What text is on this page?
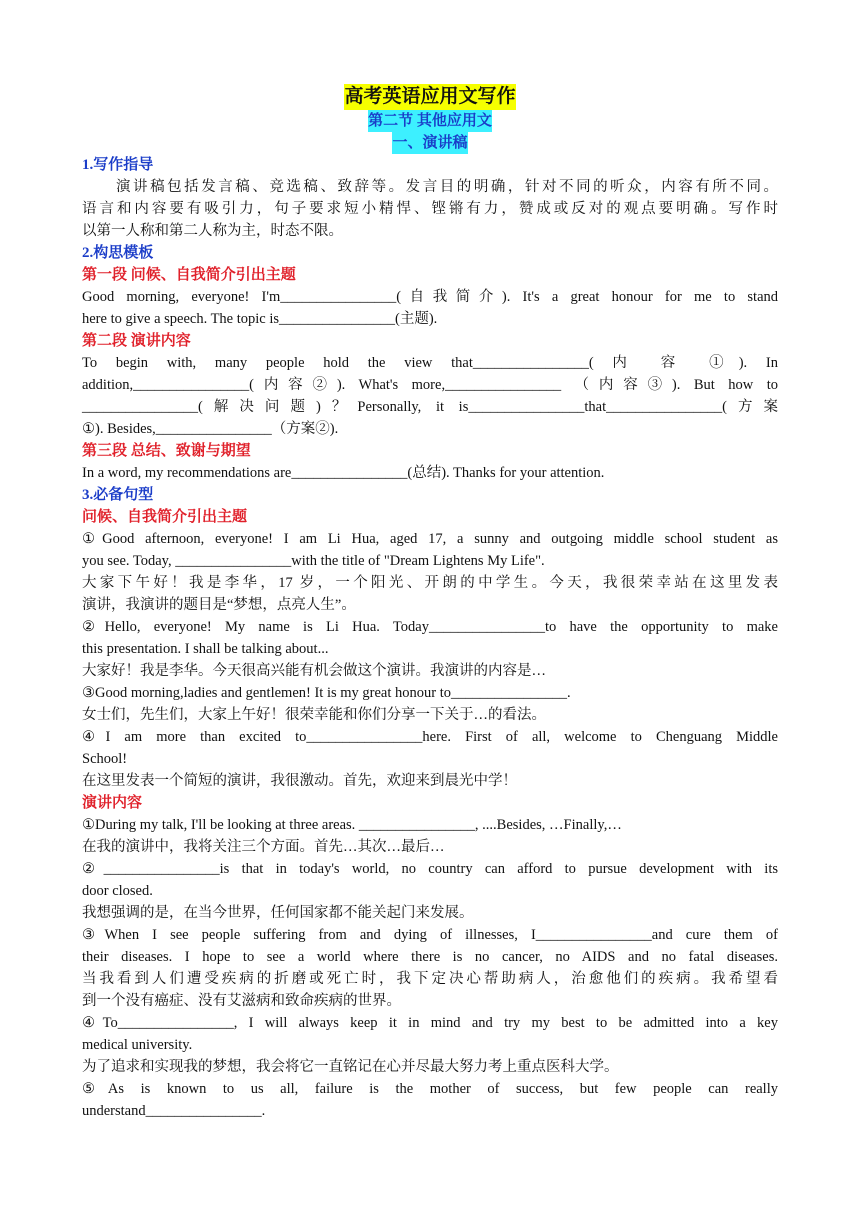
高考英语应用文写作
第二节 其他应用文
一、演讲稿

1.写作指导

演讲稿包括发言稿、竞选稿、致辞等。发言目的明确，针对不同的听众，内容有所不同。

语言和内容要有吸引力，句子要求短小精悍、铿锵有力，赞成或反对的观点要明确。写作时

以第一人称和第二人称为主，时态不限。

2.构思模板

第一段 问候、自我简介引出主题

Good morning, everyone! I'm________________(自我简介). It's a great honour for me to stand

here to give a speech. The topic is________________(主题).

第二段 演讲内容

To begin with, many people hold the view that________________( 内 容 ①). In

addition,________________(内容②). What's more,________________ （内容③). But how to

________________(解决问题)？Personally, it is________________that________________(方案

①). Besides,________________（方案②).

第三段 总结、致谢与期望

In a word, my recommendations are________________(总结). Thanks for your attention.

3.必备句型

问候、自我简介引出主题

①Good afternoon, everyone! I am Li Hua, aged 17, a sunny and outgoing middle school student as

you see. Today, ________________with the title of "Dream Lightens My Life".

大家下午好！我是李华，17 岁，一个阳光、开朗的中学生。今天，我很荣幸站在这里发表

演讲，我演讲的题目是“梦想，点亮人生”。

②Hello, everyone! My name is Li Hua. Today________________to have the opportunity to make

this presentation. I shall be talking about...

大家好！我是李华。今天很高兴能有机会做这个演讲。我演讲的内容是…

③Good morning,ladies and gentlemen! It is my great honour to________________.

女士们，先生们，大家上午好！很荣幸能和你们分享一下关于…的看法。

④I am more than excited to________________here. First of all, welcome to Chenguang Middle

School!

在这里发表一个简短的演讲，我很激动。首先，欢迎来到晨光中学！

演讲内容

①During my talk, I'll be looking at three areas. ________________, ....Besides, …Finally,…

在我的演讲中，我将关注三个方面。首先…其次…最后…

②________________is that in today's world, no country can afford to pursue development with its

door closed.

我想强调的是，在当今世界，任何国家都不能关起门来发展。

③When I see people suffering from and dying of illnesses, I________________and cure them of

their diseases. I hope to see a world where there is no cancer, no AIDS and no fatal diseases.

当我看到人们遭受疾病的折磨或死亡时，我下定决心帮助病人，治愈他们的疾病。我希望看

到一个没有癌症、没有艾滋病和致命疾病的世界。

④To________________, I will always keep it in mind and try my best to be admitted into a key

medical university.

为了追求和实现我的梦想，我会将它一直铭记在心并尽最大努力考上重点医科大学。

⑤As is known to us all, failure is the mother of success, but few people can really

understand________________.
